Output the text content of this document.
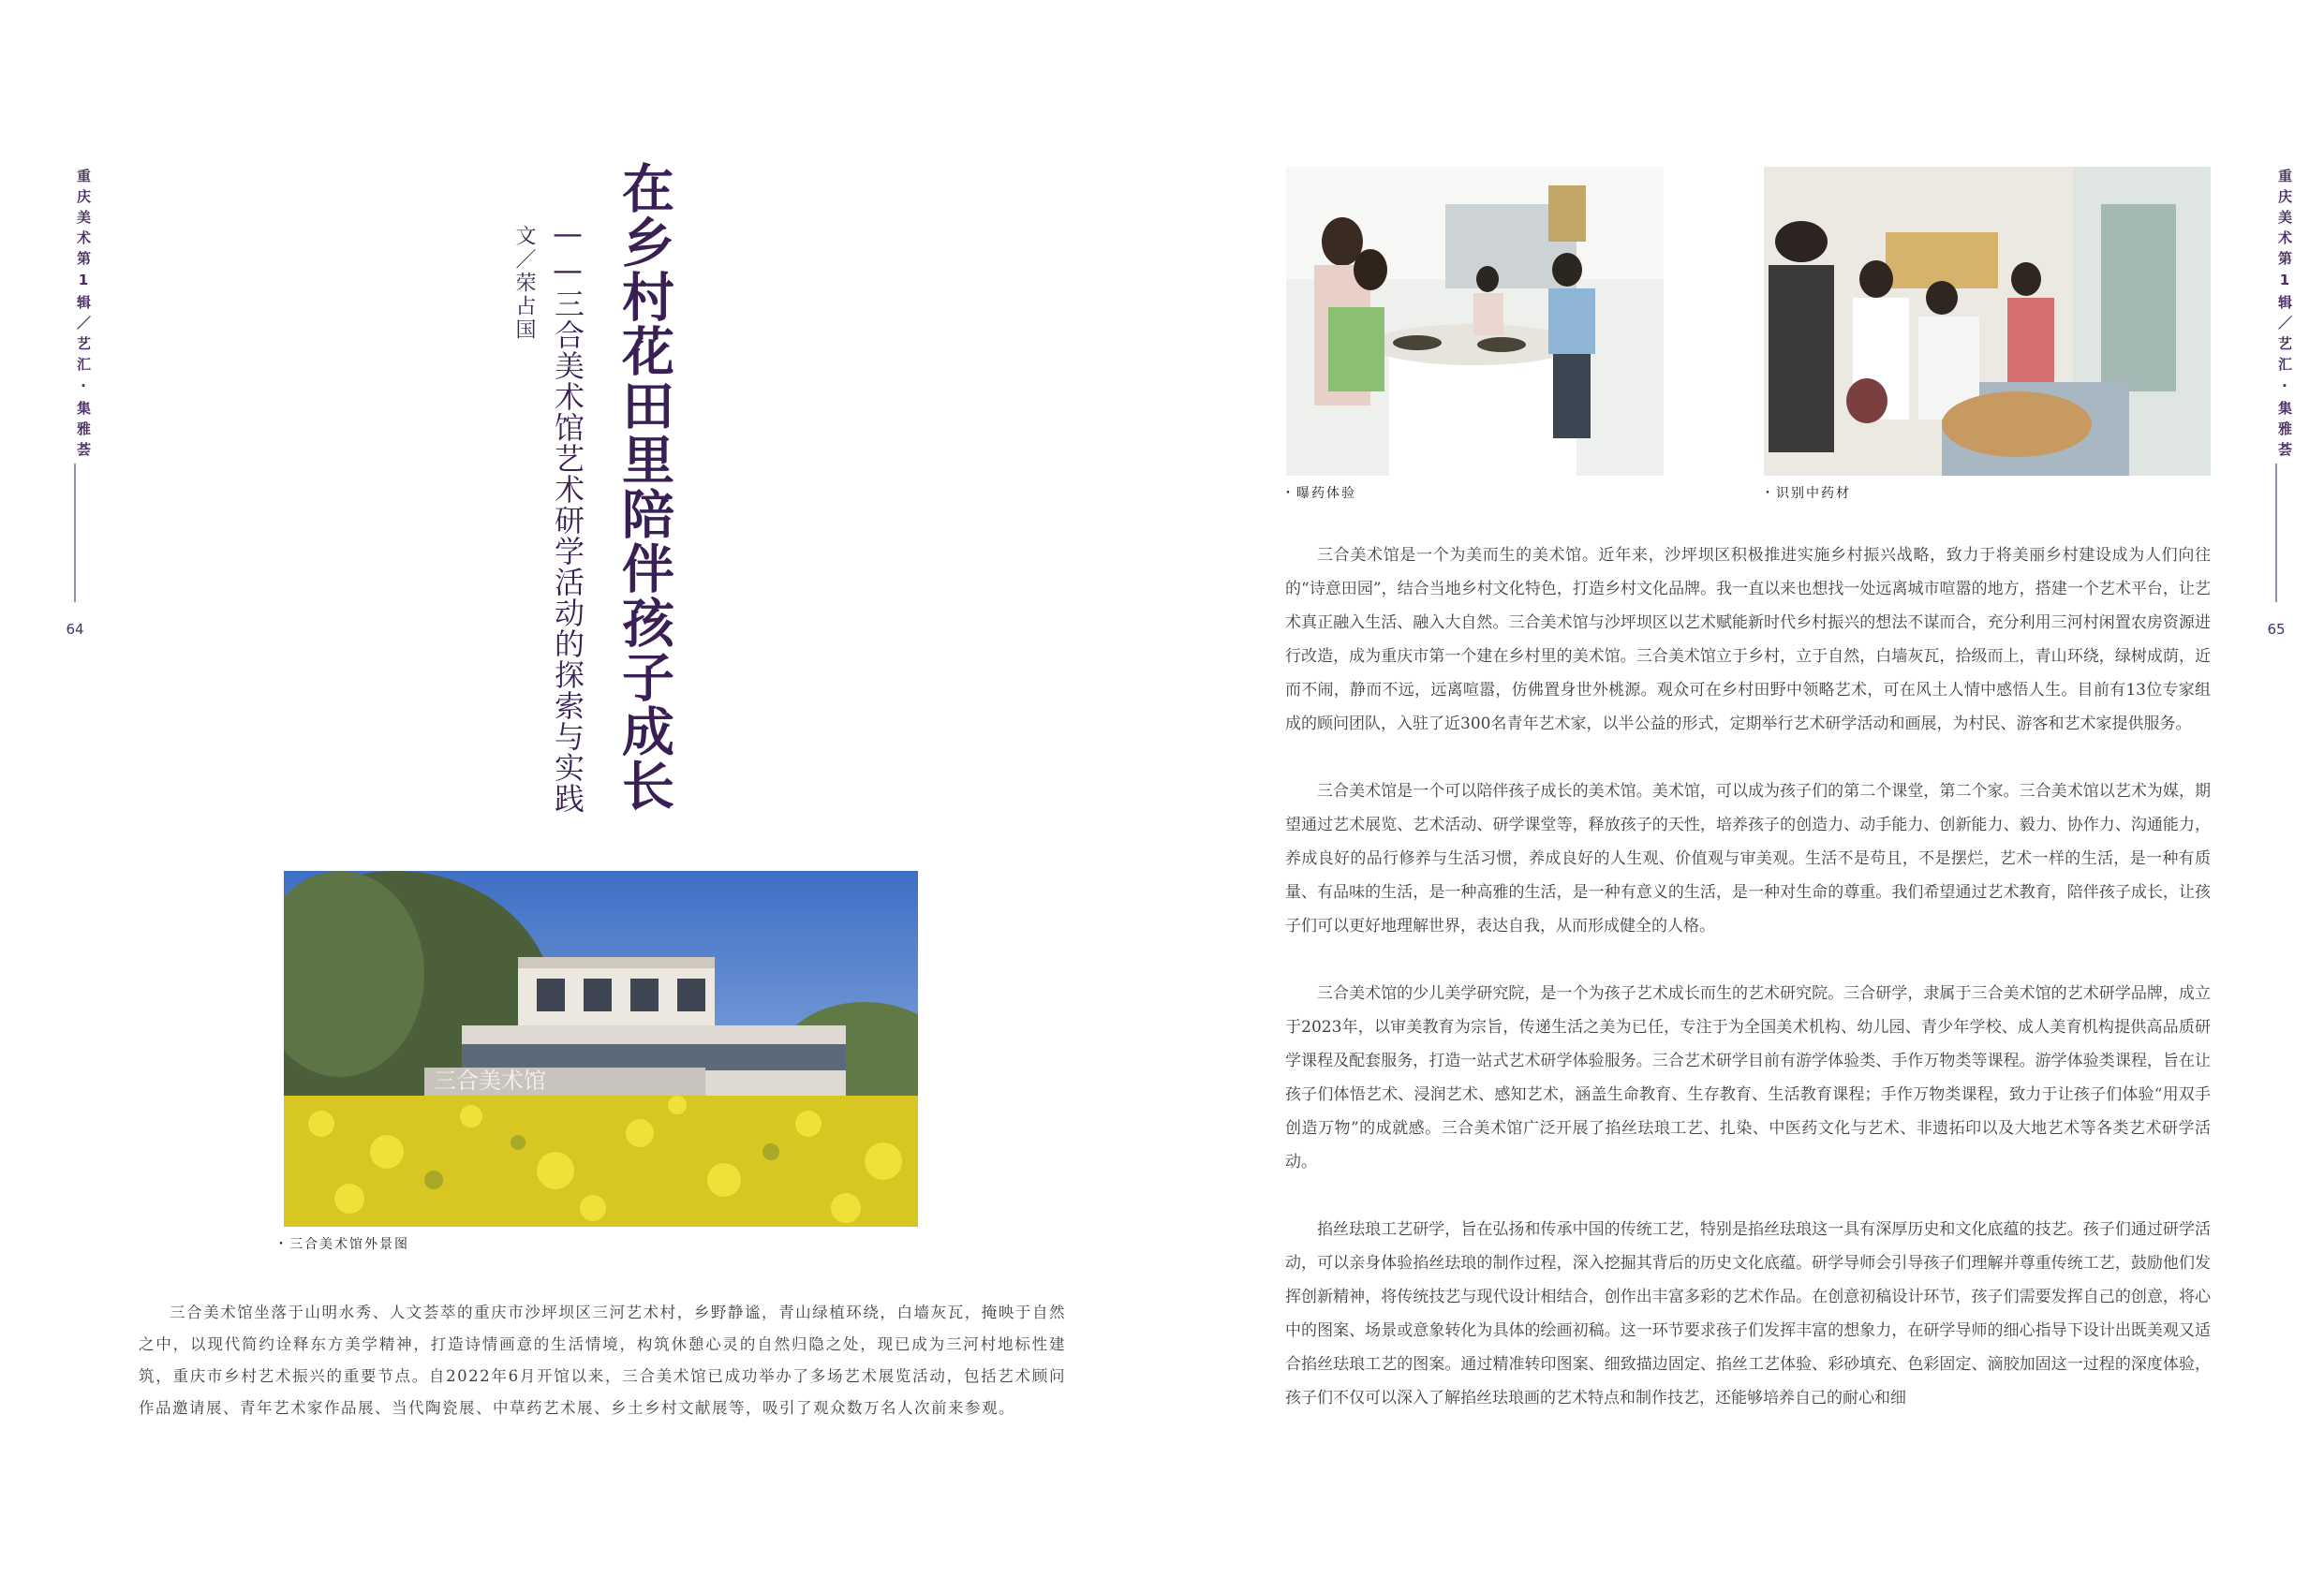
重庆美术第1辑／艺汇·集雅荟
64
重庆美术第1辑／艺汇·集雅荟
65
在乡村花田里陪伴孩子成长
——三合美术馆艺术研学活动的探索与实践
文／荣占国
三合美术馆
・三合美术馆外景图
・曝药体验	・识别中药材

三合美术馆坐落于山明水秀、人文荟萃的重庆市沙坪坝区三河艺术村，乡野静谧，青山绿植环绕，白墙灰瓦，掩映于自然之中，以现代简约诠释东方美学精神，打造诗情画意的生活情境，构筑休憩心灵的自然归隐之处，现已成为三河村地标性建筑，重庆市乡村艺术振兴的重要节点。自2022年6月开馆以来，三合美术馆已成功举办了多场艺术展览活动，包括艺术顾问作品邀请展、青年艺术家作品展、当代陶瓷展、中草药艺术展、乡土乡村文献展等，吸引了观众数万名人次前来参观。

三合美术馆是一个为美而生的美术馆。近年来，沙坪坝区积极推进实施乡村振兴战略，致力于将美丽乡村建设成为人们向往的“诗意田园”，结合当地乡村文化特色，打造乡村文化品牌。我一直以来也想找一处远离城市喧嚣的地方，搭建一个艺术平台，让艺术真正融入生活、融入大自然。三合美术馆与沙坪坝区以艺术赋能新时代乡村振兴的想法不谋而合，充分利用三河村闲置农房资源进行改造，成为重庆市第一个建在乡村里的美术馆。三合美术馆立于乡村，立于自然，白墙灰瓦，拾级而上，青山环绕，绿树成荫，近而不闹，静而不远，远离喧嚣，仿佛置身世外桃源。观众可在乡村田野中领略艺术，可在风土人情中感悟人生。目前有13位专家组成的顾问团队，入驻了近300名青年艺术家，以半公益的形式，定期举行艺术研学活动和画展，为村民、游客和艺术家提供服务。

三合美术馆是一个可以陪伴孩子成长的美术馆。美术馆，可以成为孩子们的第二个课堂，第二个家。三合美术馆以艺术为媒，期望通过艺术展览、艺术活动、研学课堂等，释放孩子的天性，培养孩子的创造力、动手能力、创新能力、毅力、协作力、沟通能力，养成良好的品行修养与生活习惯，养成良好的人生观、价值观与审美观。生活不是苟且，不是摆烂，艺术一样的生活，是一种有质量、有品味的生活，是一种高雅的生活，是一种有意义的生活，是一种对生命的尊重。我们希望通过艺术教育，陪伴孩子成长，让孩子们可以更好地理解世界，表达自我，从而形成健全的人格。

三合美术馆的少儿美学研究院，是一个为孩子艺术成长而生的艺术研究院。三合研学，隶属于三合美术馆的艺术研学品牌，成立于2023年，以审美教育为宗旨，传递生活之美为已任，专注于为全国美术机构、幼儿园、青少年学校、成人美育机构提供高品质研学课程及配套服务，打造一站式艺术研学体验服务。三合艺术研学目前有游学体验类、手作万物类等课程。游学体验类课程，旨在让孩子们体悟艺术、浸润艺术、感知艺术，涵盖生命教育、生存教育、生活教育课程；手作万物类课程，致力于让孩子们体验“用双手创造万物”的成就感。三合美术馆广泛开展了掐丝珐琅工艺、扎染、中医药文化与艺术、非遗拓印以及大地艺术等各类艺术研学活动。

掐丝珐琅工艺研学，旨在弘扬和传承中国的传统工艺，特别是掐丝珐琅这一具有深厚历史和文化底蕴的技艺。孩子们通过研学活动，可以亲身体验掐丝珐琅的制作过程，深入挖掘其背后的历史文化底蕴。研学导师会引导孩子们理解并尊重传统工艺，鼓励他们发挥创新精神，将传统技艺与现代设计相结合，创作出丰富多彩的艺术作品。在创意初稿设计环节，孩子们需要发挥自己的创意，将心中的图案、场景或意象转化为具体的绘画初稿。这一环节要求孩子们发挥丰富的想象力，在研学导师的细心指导下设计出既美观又适合掐丝珐琅工艺的图案。通过精准转印图案、细致描边固定、掐丝工艺体验、彩砂填充、色彩固定、滴胶加固这一过程的深度体验，孩子们不仅可以深入了解掐丝珐琅画的艺术特点和制作技艺，还能够培养自己的耐心和细
